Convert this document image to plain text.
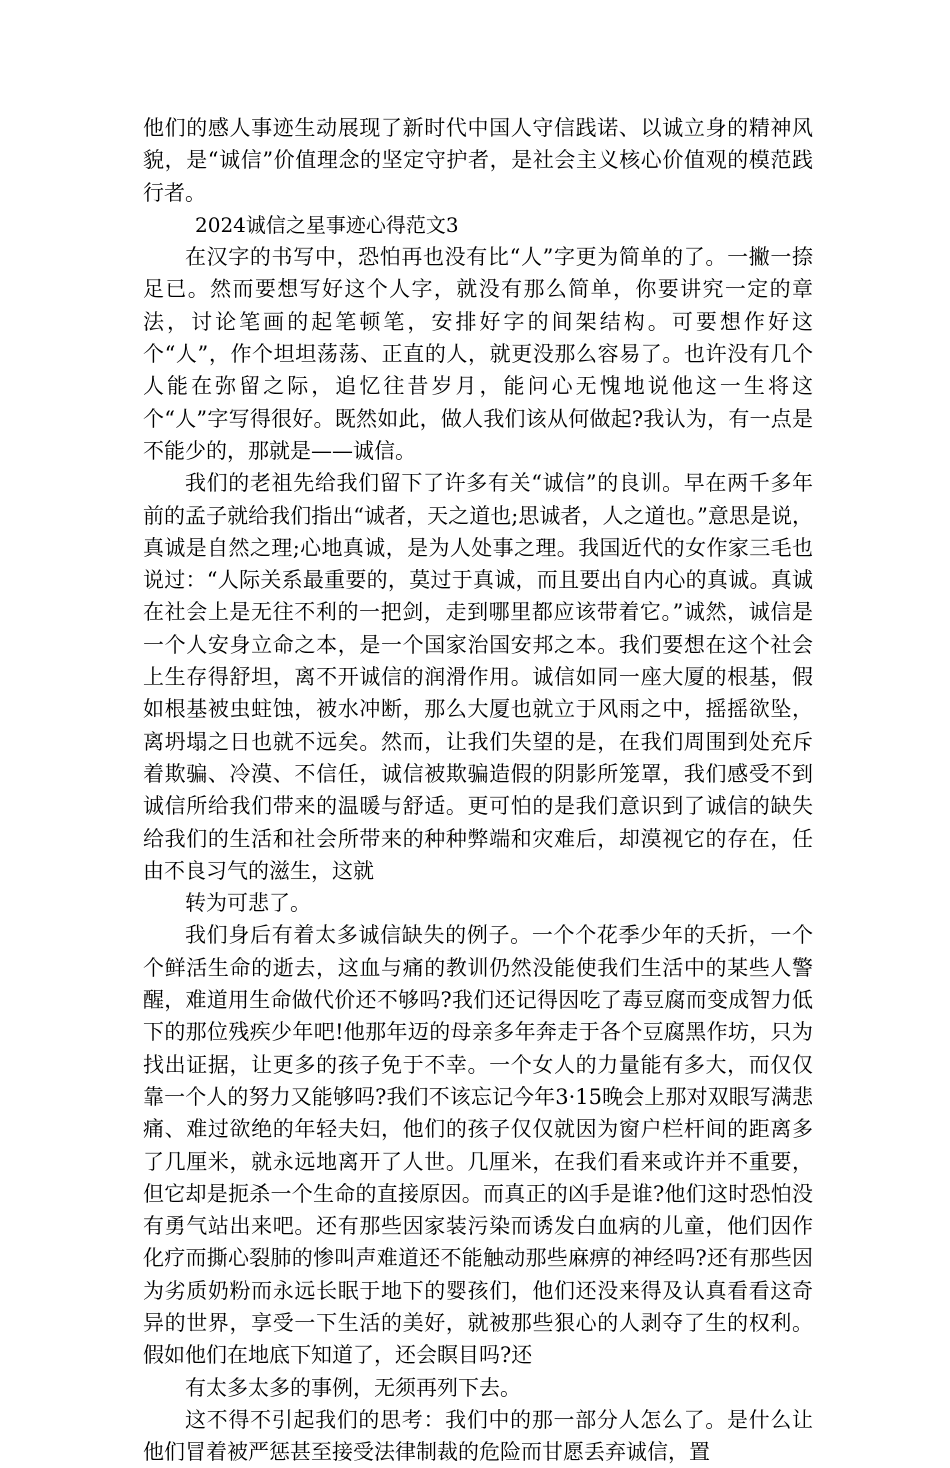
他们的感人事迹生动展现了新时代中国人守信践诺、以诚立身的精神风貌，是“诚信”价值理念的坚定守护者，是社会主义核心价值观的模范践行者。

2024诚信之星事迹心得范文3

在汉字的书写中，恐怕再也没有比“人”字更为简单的了。一撇一捺足已。然而要想写好这个人字，就没有那么简单，你要讲究一定的章法，讨论笔画的起笔顿笔，安排好字的间架结构。可要想作好这个“人”，作个坦坦荡荡、正直的人，就更没那么容易了。也许没有几个人能在弥留之际，追忆往昔岁月，能问心无愧地说他这一生将这个“人”字写得很好。既然如此，做人我们该从何做起?我认为，有一点是不能少的，那就是——诚信。

我们的老祖先给我们留下了许多有关“诚信”的良训。早在两千多年前的孟子就给我们指出“诚者，天之道也;思诚者，人之道也。”意思是说，真诚是自然之理;心地真诚，是为人处事之理。我国近代的女作家三毛也说过：“人际关系最重要的，莫过于真诚，而且要出自内心的真诚。真诚在社会上是无往不利的一把剑，走到哪里都应该带着它。”诚然，诚信是一个人安身立命之本，是一个国家治国安邦之本。我们要想在这个社会上生存得舒坦，离不开诚信的润滑作用。诚信如同一座大厦的根基，假如根基被虫蛀蚀，被水冲断，那么大厦也就立于风雨之中，摇摇欲坠，离坍塌之日也就不远矣。然而，让我们失望的是，在我们周围到处充斥着欺骗、冷漠、不信任，诚信被欺骗造假的阴影所笼罩，我们感受不到诚信所给我们带来的温暖与舒适。更可怕的是我们意识到了诚信的缺失给我们的生活和社会所带来的种种弊端和灾难后，却漠视它的存在，任由不良习气的滋生，这就

转为可悲了。

我们身后有着太多诚信缺失的例子。一个个花季少年的夭折，一个个鲜活生命的逝去，这血与痛的教训仍然没能使我们生活中的某些人警醒，难道用生命做代价还不够吗?我们还记得因吃了毒豆腐而变成智力低下的那位残疾少年吧!他那年迈的母亲多年奔走于各个豆腐黑作坊，只为找出证据，让更多的孩子免于不幸。一个女人的力量能有多大，而仅仅靠一个人的努力又能够吗?我们不该忘记今年3·15晚会上那对双眼写满悲痛、难过欲绝的年轻夫妇，他们的孩子仅仅就因为窗户栏杆间的距离多了几厘米，就永远地离开了人世。几厘米，在我们看来或许并不重要，但它却是扼杀一个生命的直接原因。而真正的凶手是谁?他们这时恐怕没有勇气站出来吧。还有那些因家装污染而诱发白血病的儿童，他们因作化疗而撕心裂肺的惨叫声难道还不能触动那些麻痹的神经吗?还有那些因为劣质奶粉而永远长眠于地下的婴孩们，他们还没来得及认真看看这奇异的世界，享受一下生活的美好，就被那些狠心的人剥夺了生的权利。假如他们在地底下知道了，还会瞑目吗?还

有太多太多的事例，无须再列下去。

这不得不引起我们的思考：我们中的那一部分人怎么了。是什么让他们冒着被严惩甚至接受法律制裁的危险而甘愿丢弃诚信，置
